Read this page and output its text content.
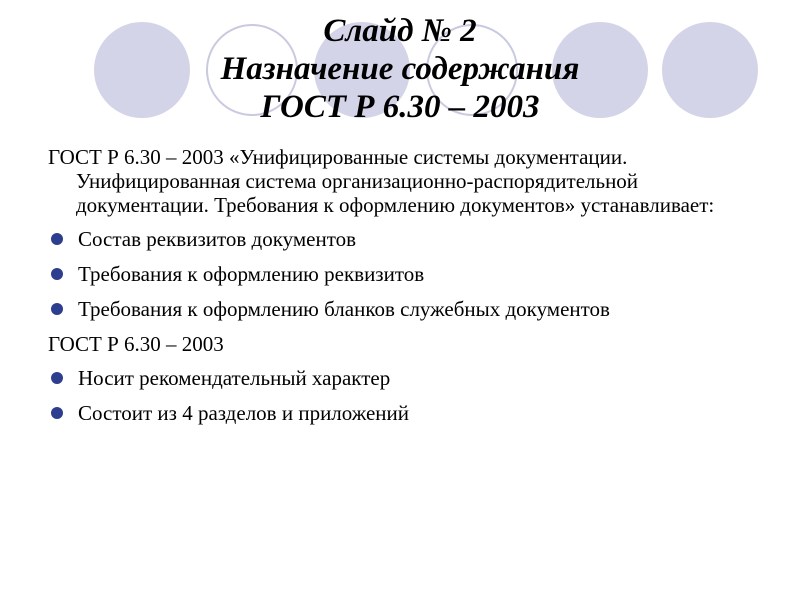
Слайд № 2
Назначение содержания
ГОСТ Р 6.30 – 2003

ГОСТ Р 6.30 – 2003 «Унифицированные системы документации. Унифицированная система организационно-распорядительной документации. Требования к оформлению документов» устанавливает:

Состав реквизитов документов
Требования к оформлению реквизитов
Требования к оформлению бланков служебных документов

ГОСТ Р 6.30 – 2003

Носит рекомендательный характер
Состоит из 4 разделов и приложений
